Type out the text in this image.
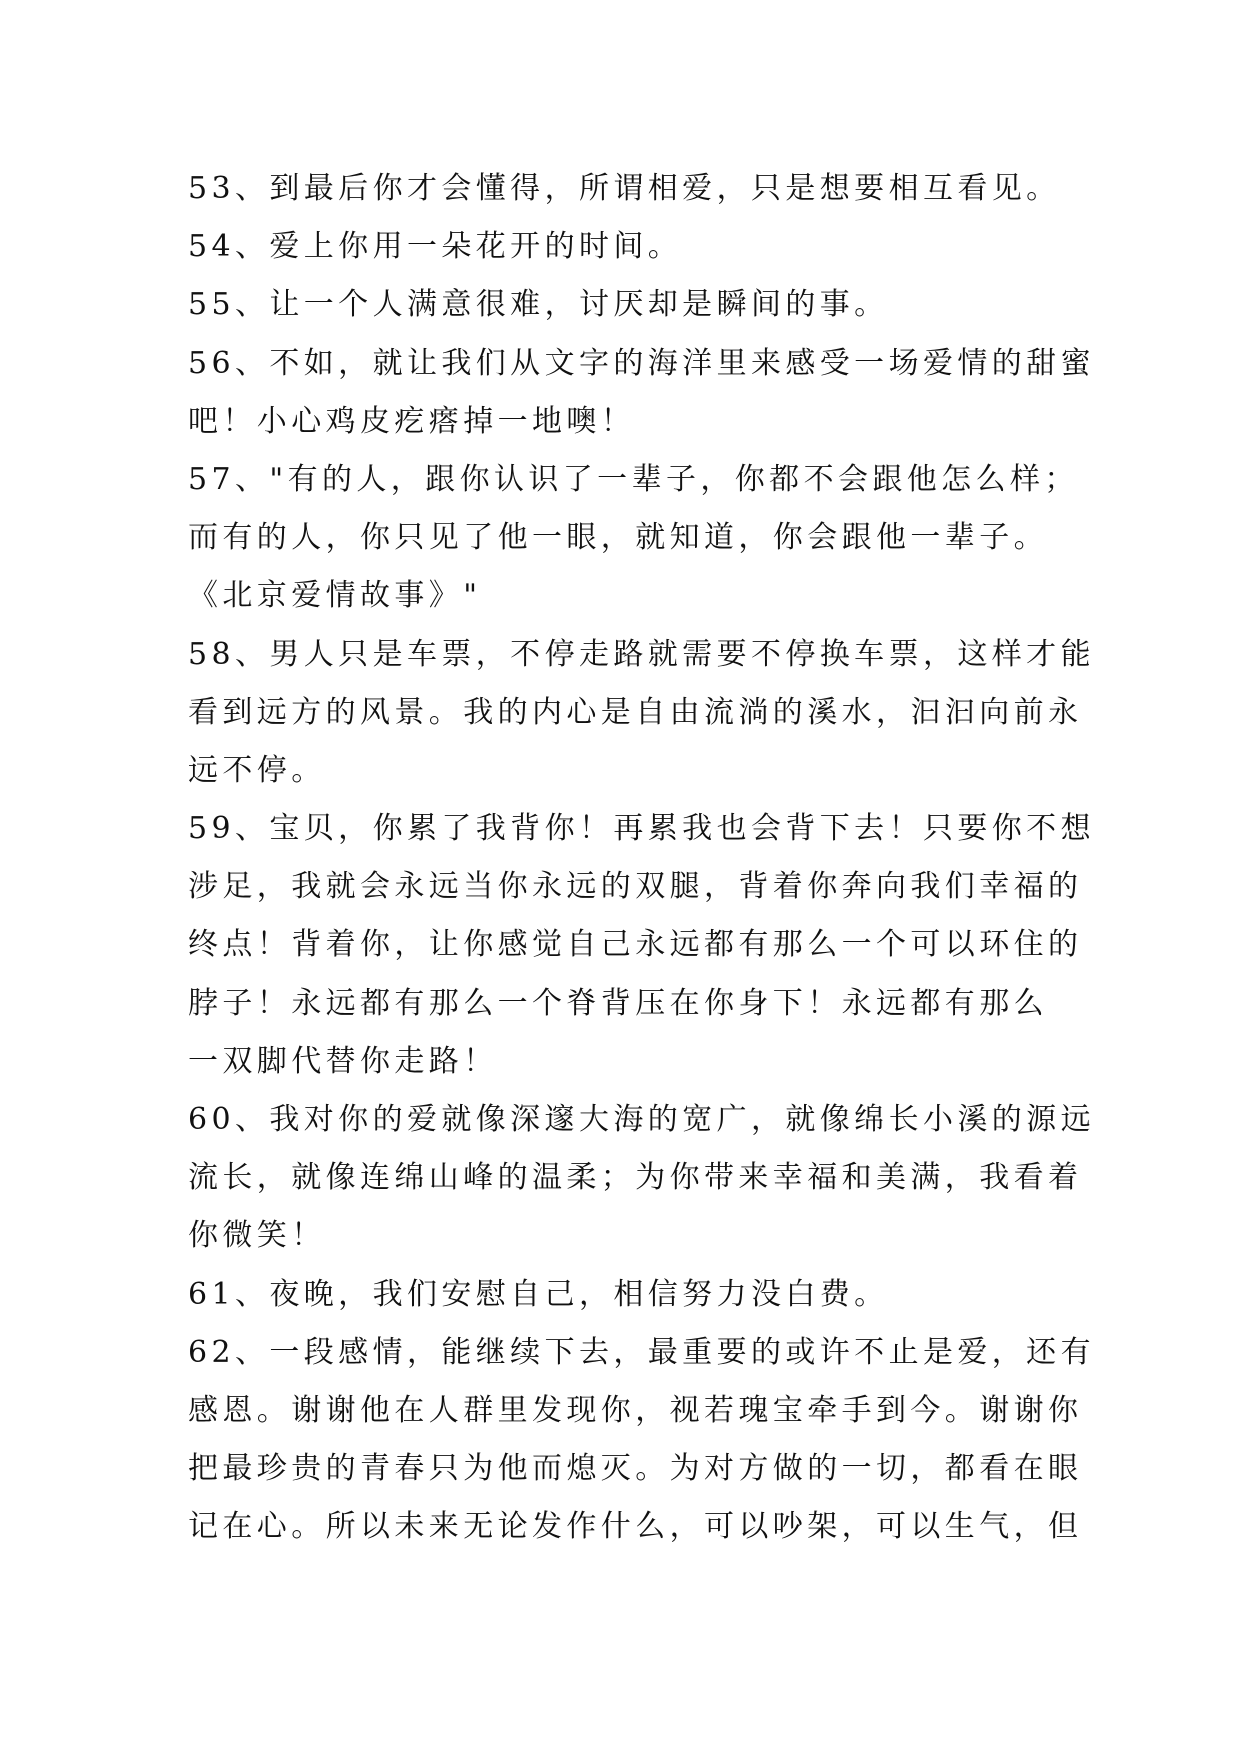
53、到最后你才会懂得，所谓相爱，只是想要相互看见。
54、爱上你用一朵花开的时间。
55、让一个人满意很难，讨厌却是瞬间的事。
56、不如，就让我们从文字的海洋里来感受一场爱情的甜蜜
吧！小心鸡皮疙瘩掉一地噢！
57、"有的人，跟你认识了一辈子，你都不会跟他怎么样；
而有的人，你只见了他一眼，就知道，你会跟他一辈子。
《北京爱情故事》"
58、男人只是车票，不停走路就需要不停换车票，这样才能
看到远方的风景。我的内心是自由流淌的溪水，汩汩向前永
远不停。
59、宝贝，你累了我背你！再累我也会背下去！只要你不想
涉足，我就会永远当你永远的双腿，背着你奔向我们幸福的
终点！背着你，让你感觉自己永远都有那么一个可以环住的
脖子！永远都有那么一个脊背压在你身下！永远都有那么
一双脚代替你走路！
60、我对你的爱就像深邃大海的宽广，就像绵长小溪的源远
流长，就像连绵山峰的温柔；为你带来幸福和美满，我看着
你微笑！
61、夜晚，我们安慰自己，相信努力没白费。
62、一段感情，能继续下去，最重要的或许不止是爱，还有
感恩。谢谢他在人群里发现你，视若瑰宝牵手到今。谢谢你
把最珍贵的青春只为他而熄灭。为对方做的一切，都看在眼
记在心。所以未来无论发作什么，可以吵架，可以生气，但
